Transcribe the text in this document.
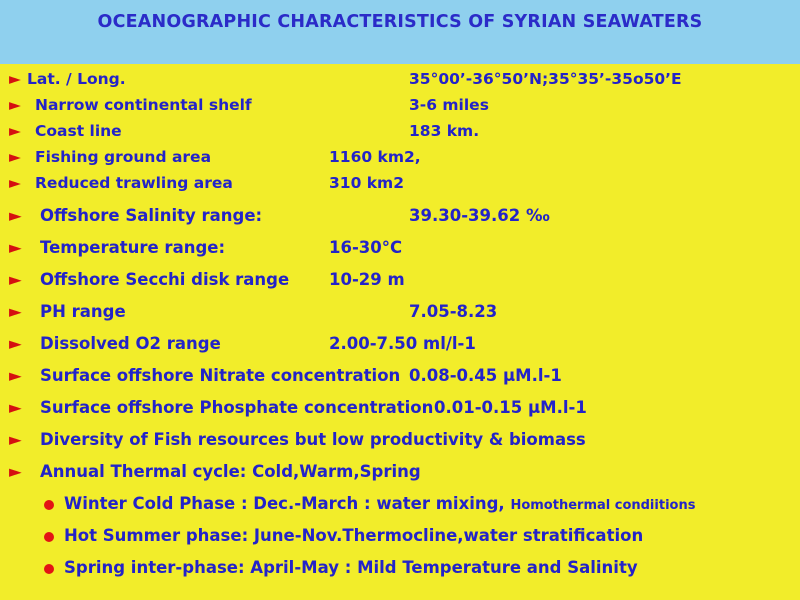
OCEANOGRAPHIC CHARACTERISTICS OF SYRIAN SEAWATERS
► Lat. / Long.	35°00’-36°50’N;35°35’-35o50’E
► Narrow continental shelf	3-6 miles
► Coast line	183 km.
► Fishing ground area	1160 km2,
► Reduced trawling area	310 km2
► Offshore Salinity range:	39.30-39.62 ‰
► Temperature range:	16-30°C
► Offshore Secchi disk range 10-29 m
► PH range	7.05-8.23
► Dissolved O2 range	2.00-7.50 ml/l-1
► Surface offshore Nitrate concentration 0.08-0.45 µM.l-1
► Surface offshore Phosphate concentration 0.01-0.15 µM.l-1
► Diversity of Fish resources but low productivity & biomass
► Annual Thermal cycle: Cold,Warm,Spring
Winter Cold Phase : Dec.-March : water mixing, Homothermal condiitions
Hot Summer phase: June-Nov.Thermocline,water stratification
Spring inter-phase: April-May : Mild Temperature and Salinity
